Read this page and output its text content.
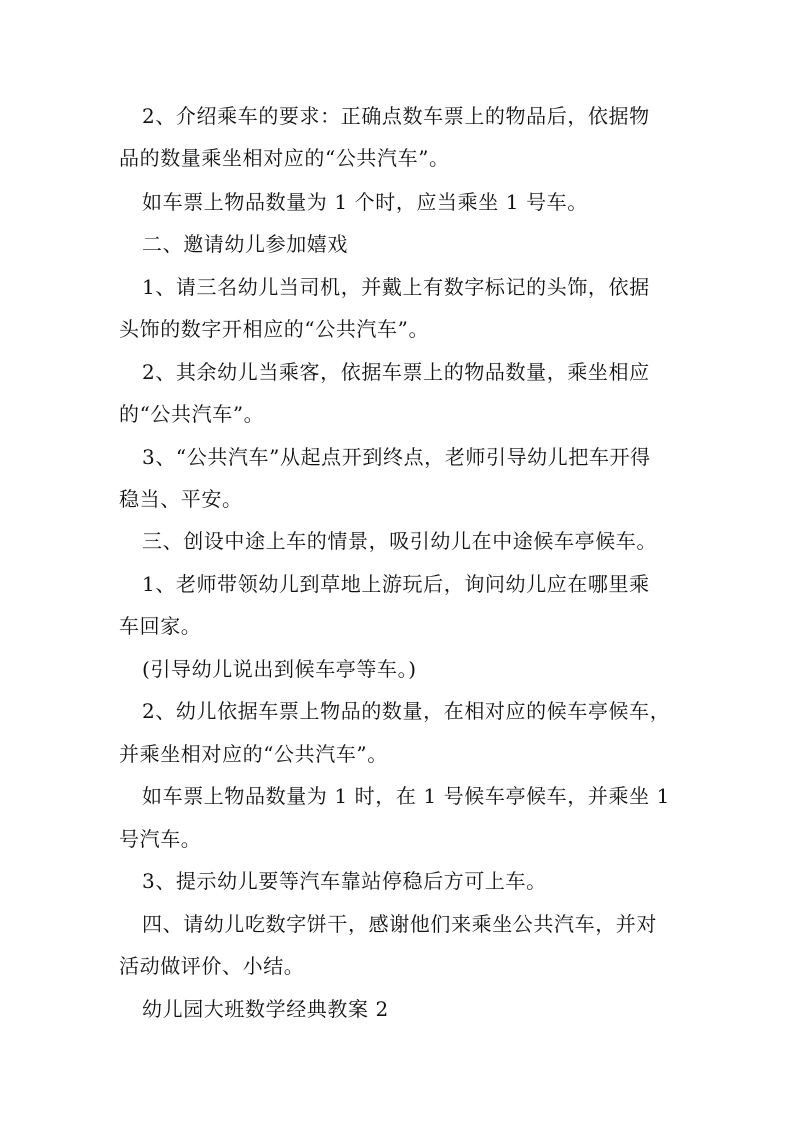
2、介绍乘车的要求：正确点数车票上的物品后，依据物
品的数量乘坐相对应的“公共汽车”。
如车票上物品数量为 1 个时，应当乘坐 1 号车。
二、邀请幼儿参加嬉戏
1、请三名幼儿当司机，并戴上有数字标记的头饰，依据
头饰的数字开相应的“公共汽车”。
2、其余幼儿当乘客，依据车票上的物品数量，乘坐相应
的“公共汽车”。
3、“公共汽车”从起点开到终点，老师引导幼儿把车开得
稳当、平安。
三、创设中途上车的情景，吸引幼儿在中途候车亭候车。
1、老师带领幼儿到草地上游玩后，询问幼儿应在哪里乘
车回家。
(引导幼儿说出到候车亭等车。)
2、幼儿依据车票上物品的数量，在相对应的候车亭候车，
并乘坐相对应的“公共汽车”。
如车票上物品数量为 1 时，在 1 号候车亭候车，并乘坐 1
号汽车。
3、提示幼儿要等汽车靠站停稳后方可上车。
四、请幼儿吃数字饼干，感谢他们来乘坐公共汽车，并对
活动做评价、小结。
幼儿园大班数学经典教案 2
